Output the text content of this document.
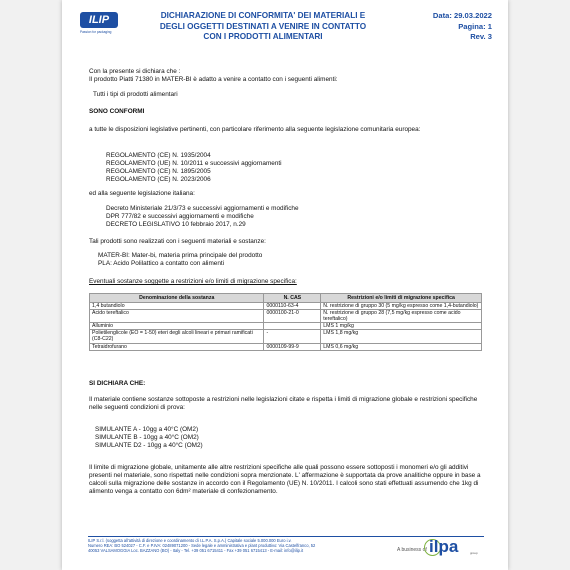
ILIP
Passion for packaging
DICHIARAZIONE DI CONFORMITA' DEI MATERIALI E
DEGLI OGGETTI DESTINATI A VENIRE IN CONTATTO
CON I PRODOTTI ALIMENTARI
Data: 29.03.2022
Pagina: 1
Rev. 3
Con la presente si dichiara che :
Il prodotto Piatti 71380 in MATER-BI è adatto a venire a contatto con i seguenti alimenti:
Tutti i tipi di prodotti alimentari
SONO CONFORMI
a tutte le disposizioni legislative pertinenti, con particolare riferimento alla seguente legislazione comunitaria europea:
REGOLAMENTO (CE) N. 1935/2004
REGOLAMENTO (UE) N. 10/2011 e successivi aggiornamenti
REGOLAMENTO (CE) N. 1895/2005
REGOLAMENTO (CE) N. 2023/2006
ed alla seguente legislazione italiana:
Decreto Ministeriale 21/3/73 e successivi aggiornamenti e modifiche
DPR 777/82 e successivi aggiornamenti e modifiche
DECRETO LEGISLATIVO 10 febbraio 2017, n.29
Tali prodotti sono realizzati con i seguenti materiali e sostanze:
MATER-BI: Mater-bi, materia prima principale del prodotto
PLA: Acido Polilattico a contatto con alimenti
Eventuali sostanze soggette a restrizioni e/o limiti di migrazione specifica:
Denominazione della sostanza	N. CAS	Restrizioni e/o limiti di migrazione specifica
1,4 butandiolo	0000110-63-4	N. restrizione di gruppo 30 (5 mg/kg espresso come 1,4-butandiolo)
Acido tereftalico	0000100-21-0	N. restrizione di gruppo 28 (7,5 mg/kg espresso come acido tereftalico)
Alluminio		LMS 1 mg/kg
Polietilenglicole (EO = 1-50) eteri degli alcoli lineari e primari ramificati (C8-C22)	-	LMS 1,8 mg/kg
Tetraidrofurano	0000109-99-9	LMS 0,6 mg/kg
SI DICHIARA CHE:
Il materiale contiene sostanze sottoposte a restrizioni nelle legislazioni citate e rispetta i limiti di migrazione globale e restrizioni specifiche nelle seguenti condizioni di prova:
SIMULANTE A - 10gg a 40°C (OM2)
SIMULANTE B - 10gg a 40°C (OM2)
SIMULANTE D2 - 10gg a 40°C (OM2)
Il limite di migrazione globale, unitamente alle altre restrizioni specifiche alle quali possono essere sottoposti i monomeri e/o gli additivi presenti nel materiale, sono rispettati nelle condizioni sopra menzionate. L' affermazione è supportata da prove analitiche oppure in base a calcoli sulla migrazione delle sostanze in accordo con il Regolamento (UE) N. 10/2011. I calcoli sono stati effettuati assumendo che 1kg di alimento venga a contatto con 6dm² materiale di confezionamento.
ILIP S.r.l. (soggetta all'attività di direzione e coordinamento di I.L.P.A. S.p.A.) Capitale sociale 5.000.000 Euro i.v.
Numero REA: BO 524027 - C.F. e P.IVA: 02489071200 - Sede legale e amministrativa e plant produttivo: Via Castelfranco, 52
40053 VALSAMOGGIA Loc. BAZZANO (BO) - Italy - Tel. +39 051 6715411 - Fax +39 051 6715413 - E-mail: info@ilip.it	A business of ilpa	group
